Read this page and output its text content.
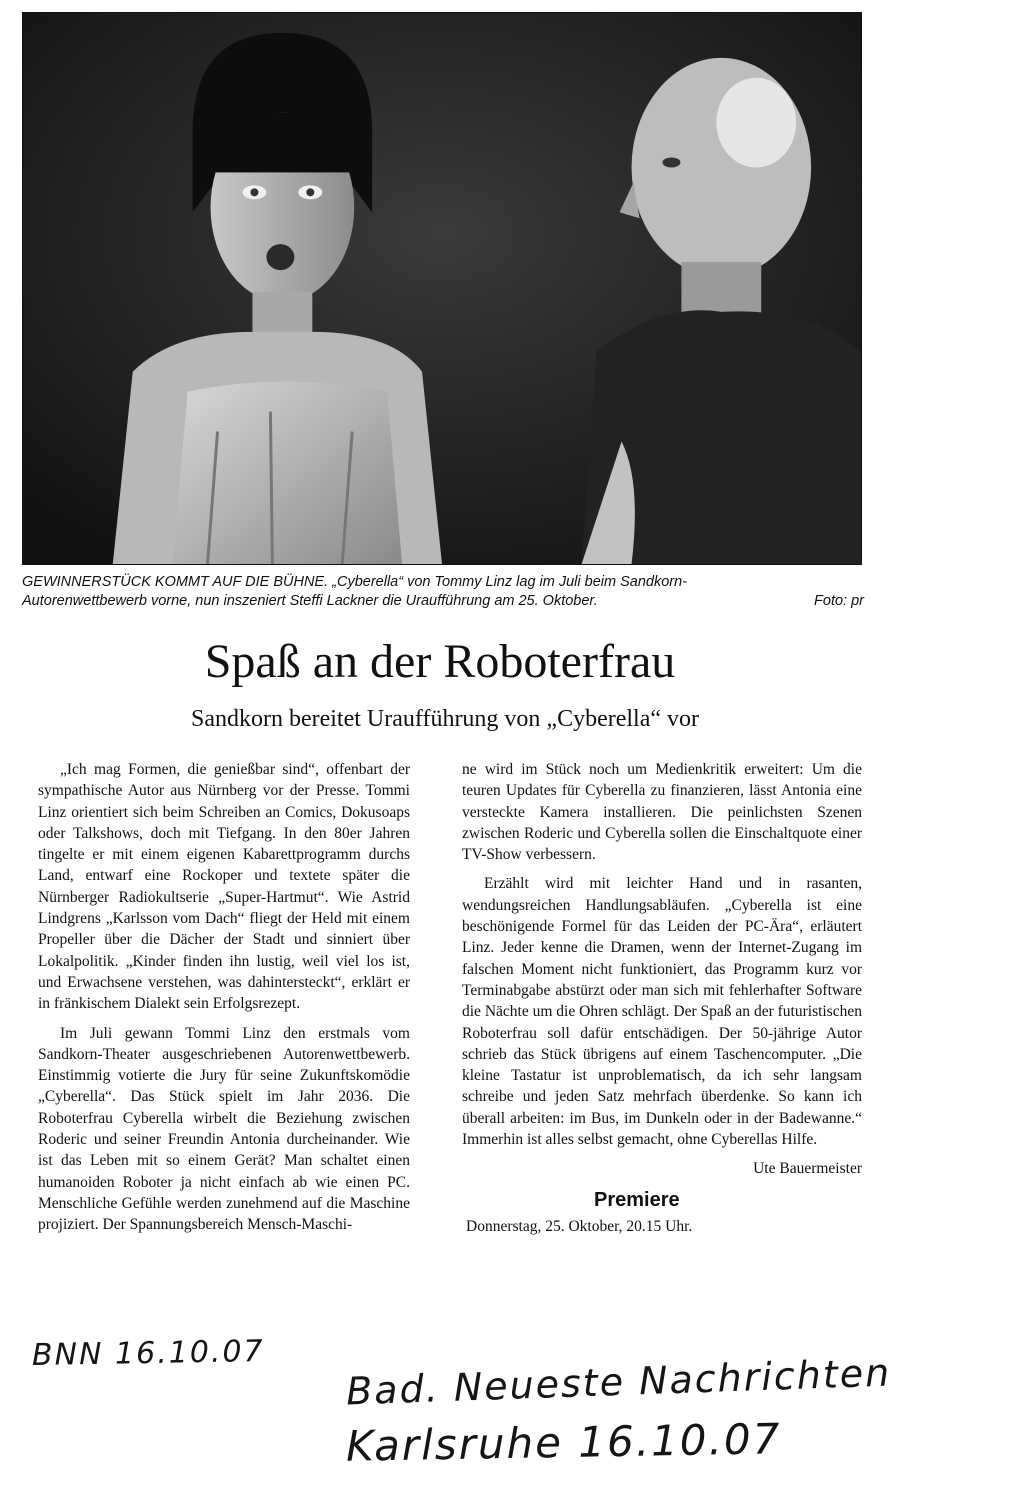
GEWINNERSTÜCK KOMMT AUF DIE BÜHNE. „Cyberella“ von Tommy Linz lag im Juli beim Sandkorn-
Autorenwettbewerb vorne, nun inszeniert Steffi Lackner die Uraufführung am 25. Oktober.	Foto: pr
Spaß an der Roboterfrau
Sandkorn bereitet Uraufführung von „Cyberella“ vor

„Ich mag Formen, die genießbar sind“, offenbart der sympathische Autor aus Nürnberg vor der Presse. Tommi Linz orientiert sich beim Schreiben an Comics, Dokusoaps oder Talkshows, doch mit Tiefgang. In den 80er Jahren tingelte er mit einem eigenen Kabarettprogramm durchs Land, entwarf eine Rockoper und textete später die Nürnberger Radiokultserie „Super-Hartmut“. Wie Astrid Lindgrens „Karlsson vom Dach“ fliegt der Held mit einem Propeller über die Dächer der Stadt und sinniert über Lokalpolitik. „Kinder finden ihn lustig, weil viel los ist, und Erwachsene verstehen, was dahintersteckt“, erklärt er in fränkischem Dialekt sein Erfolgsrezept.

Im Juli gewann Tommi Linz den erstmals vom Sandkorn-Theater ausgeschriebenen Autorenwettbewerb. Einstimmig votierte die Jury für seine Zukunftskomödie „Cyberella“. Das Stück spielt im Jahr 2036. Die Roboterfrau Cyberella wirbelt die Beziehung zwischen Roderic und seiner Freundin Antonia durcheinander. Wie ist das Leben mit so einem Gerät? Man schaltet einen humanoiden Roboter ja nicht einfach ab wie einen PC. Menschliche Gefühle werden zunehmend auf die Maschine projiziert. Der Spannungsbereich Mensch-Maschi-

ne wird im Stück noch um Medienkritik erweitert: Um die teuren Updates für Cyberella zu finanzieren, lässt Antonia eine versteckte Kamera installieren. Die peinlichsten Szenen zwischen Roderic und Cyberella sollen die Einschaltquote einer TV-Show verbessern.

Erzählt wird mit leichter Hand und in rasanten, wendungsreichen Handlungsabläufen. „Cyberella ist eine beschönigende Formel für das Leiden der PC-Ära“, erläutert Linz. Jeder kenne die Dramen, wenn der Internet-Zugang im falschen Moment nicht funktioniert, das Programm kurz vor Terminabgabe abstürzt oder man sich mit fehlerhafter Software die Nächte um die Ohren schlägt. Der Spaß an der futuristischen Roboterfrau soll dafür entschädigen. Der 50-jährige Autor schrieb das Stück übrigens auf einem Taschencomputer. „Die kleine Tastatur ist unproblematisch, da ich sehr langsam schreibe und jeden Satz mehrfach überdenke. So kann ich überall arbeiten: im Bus, im Dunkeln oder in der Badewanne.“ Immerhin ist alles selbst gemacht, ohne Cyberellas Hilfe.

Ute Bauermeister
Premiere
Donnerstag, 25. Oktober, 20.15 Uhr.
BNN 16.10.07 Bad. Neueste Nachrichten
Karlsruhe 16.10.07
